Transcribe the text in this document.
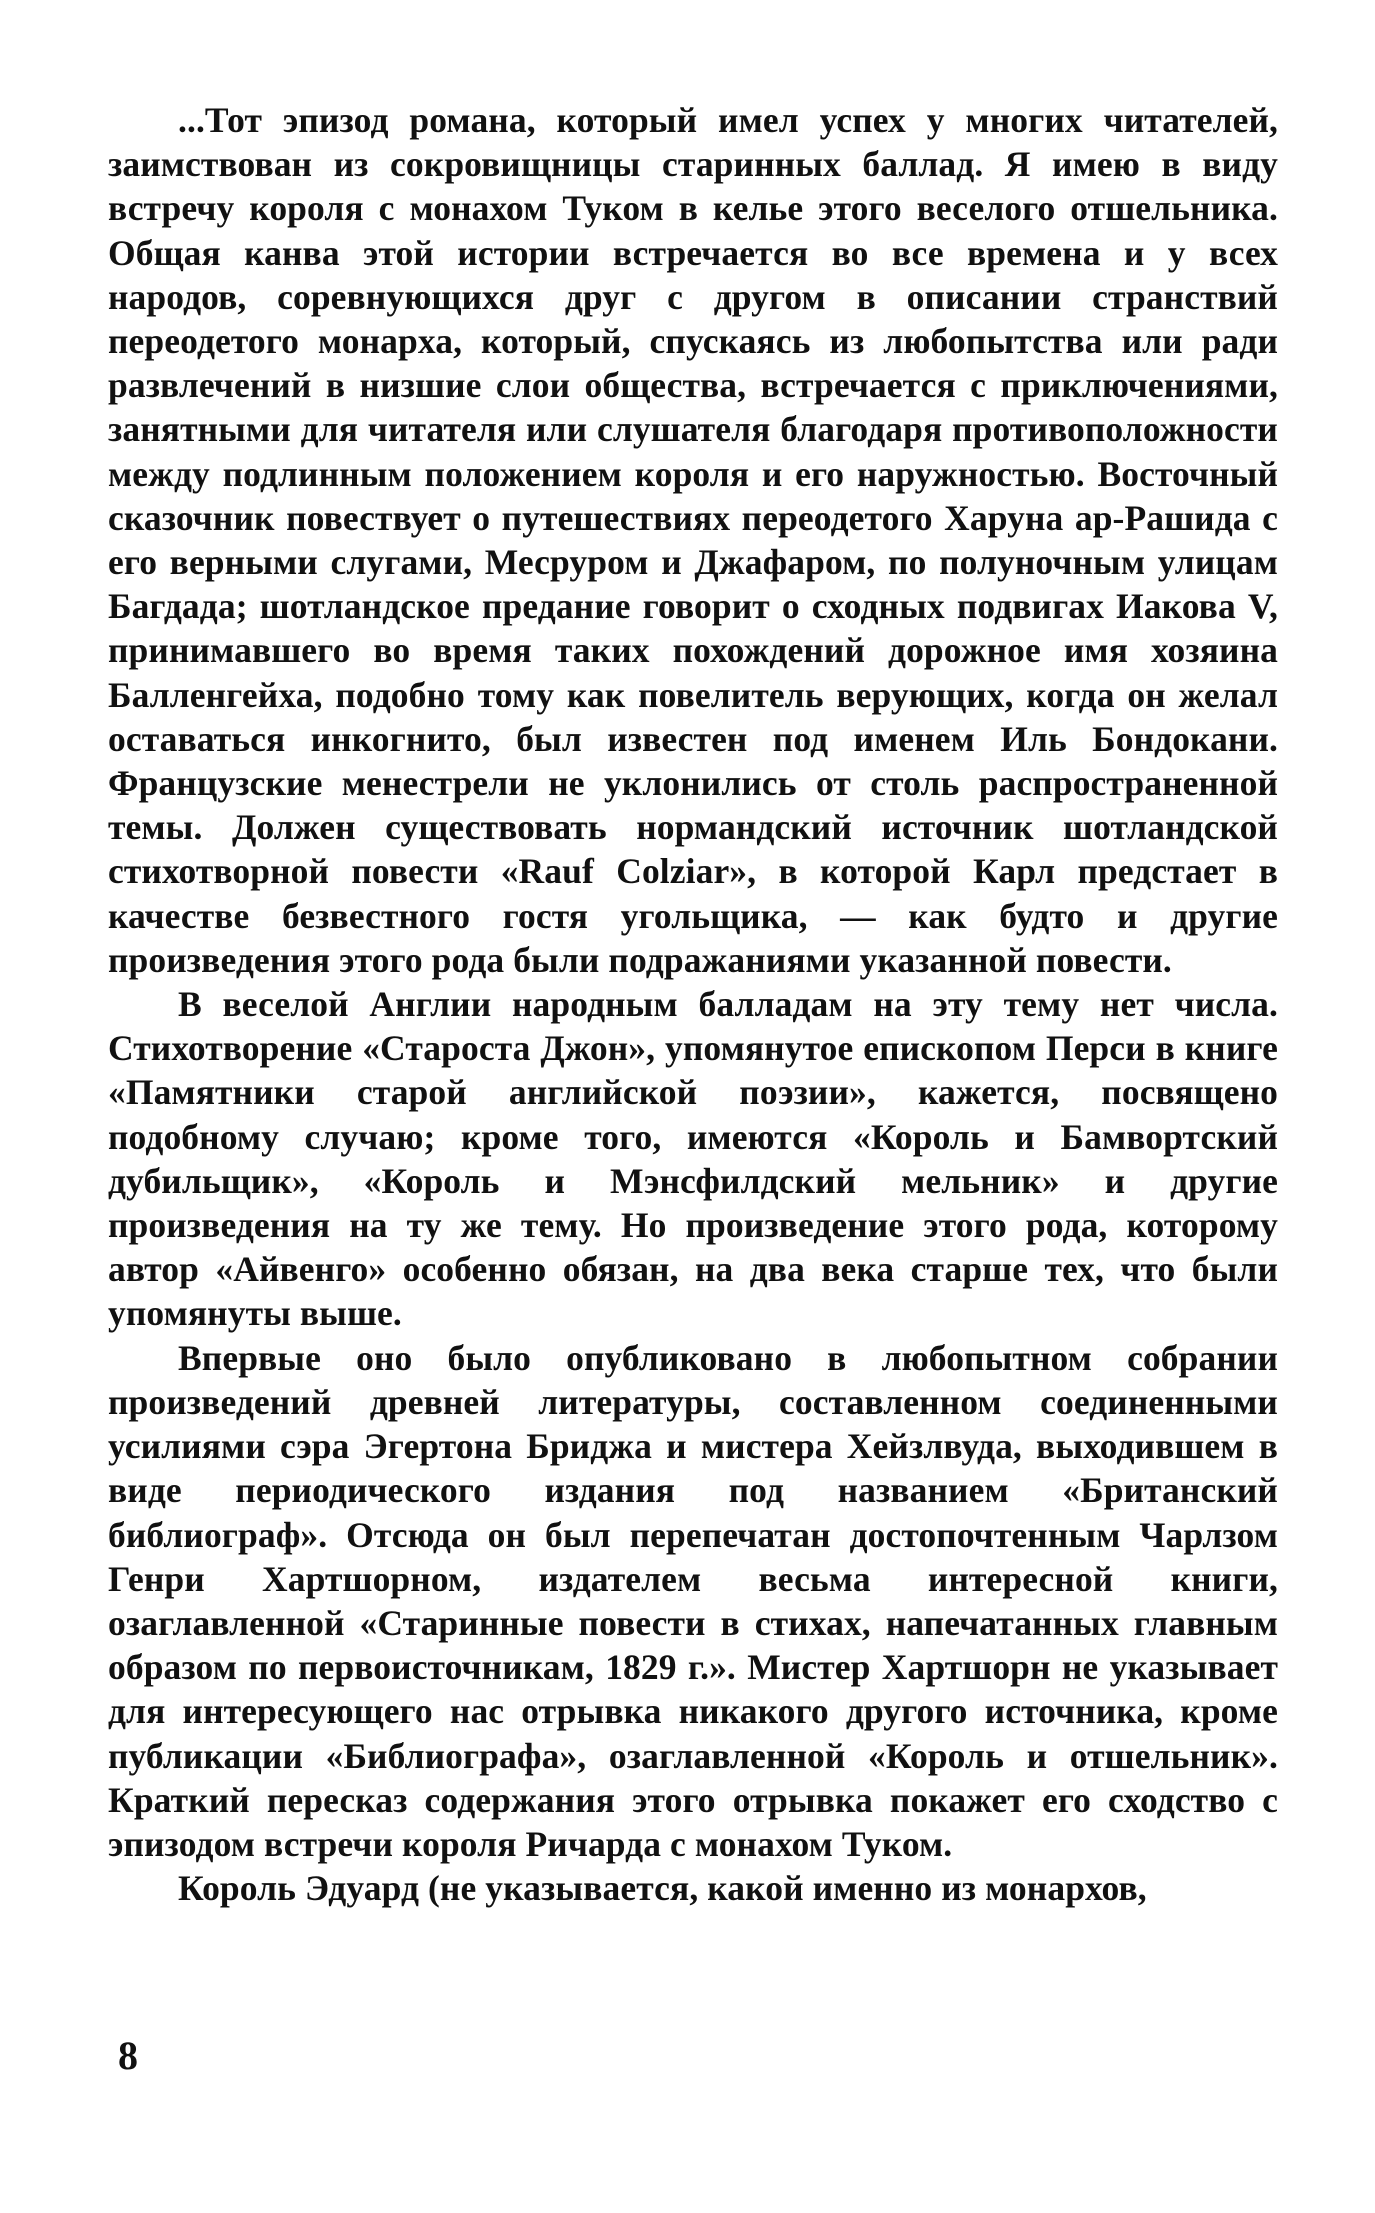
...Тот эпизод романа, который имел успех у многих читателей, заимствован из сокровищницы старинных баллад. Я имею в виду встречу короля с монахом Туком в келье этого веселого отшельника. Общая канва этой истории встречается во все времена и у всех народов, соревнующихся друг с другом в описании странствий переодетого монарха, который, спускаясь из любопытства или ради развлечений в низшие слои общества, встречается с приключениями, занятными для читателя или слушателя благодаря противоположности между подлинным положением короля и его наружностью. Восточный сказочник повествует о путешествиях переодетого Харуна ар-Рашида с его верными слугами, Месруром и Джафаром, по полуночным улицам Багдада; шотландское предание говорит о сходных подвигах Иакова V, принимавшего во время таких похождений дорожное имя хозяина Балленгейха, подобно тому как повелитель верующих, когда он желал оставаться инкогнито, был известен под именем Иль Бондокани. Французские менестрели не уклонились от столь распространенной темы. Должен существовать нормандский источник шотландской стихотворной повести «Rauf Colziar», в которой Карл предстает в качестве безвестного гостя угольщика, — как будто и другие произведения этого рода были подражаниями указанной повести.

В веселой Англии народным балладам на эту тему нет числа. Стихотворение «Староста Джон», упомянутое епископом Перси в книге «Памятники старой английской поэзии», кажется, посвящено подобному случаю; кроме того, имеются «Король и Бамвортский дубильщик», «Король и Мэнсфилдский мельник» и другие произведения на ту же тему. Но произведение этого рода, которому автор «Айвенго» особенно обязан, на два века старше тех, что были упомянуты выше.

Впервые оно было опубликовано в любопытном собрании произведений древней литературы, составленном соединенными усилиями сэра Эгертона Бриджа и мистера Хейзлвуда, выходившем в виде периодического издания под названием «Британский библиограф». Отсюда он был перепечатан достопочтенным Чарлзом Генри Хартшорном, издателем весьма интересной книги, озаглавленной «Старинные повести в стихах, напечатанных главным образом по первоисточникам, 1829 г.». Мистер Хартшорн не указывает для интересующего нас отрывка никакого другого источника, кроме публикации «Библиографа», озаглавленной «Король и отшельник». Краткий пересказ содержания этого отрывка покажет его сходство с эпизодом встречи короля Ричарда с монахом Туком.

Король Эдуард (не указывается, какой именно из монархов,

8
